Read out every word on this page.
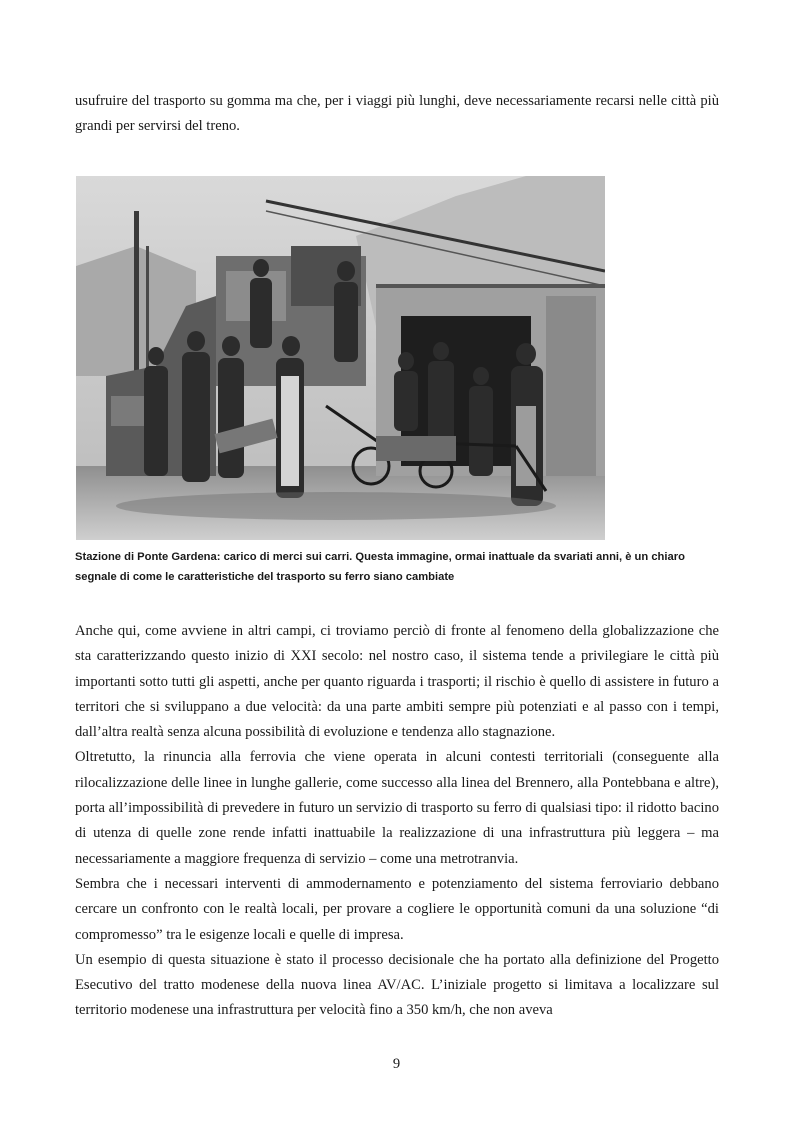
usufruire del trasporto su gomma ma che, per i viaggi più lunghi, deve necessariamente recarsi nelle città più grandi per servirsi del treno.

Stazione di Ponte Gardena: carico di merci sui carri. Questa immagine, ormai inattuale da svariati anni, è un chiaro segnale di come le caratteristiche del trasporto su ferro siano cambiate

Anche qui, come avviene in altri campi, ci troviamo perciò di fronte al fenomeno della globalizzazione che sta caratterizzando questo inizio di XXI secolo: nel nostro caso, il sistema tende a privilegiare le città più importanti sotto tutti gli aspetti, anche per quanto riguarda i trasporti; il rischio è quello di assistere in futuro a territori che si sviluppano a due velocità: da una parte ambiti sempre più potenziati e al passo con i tempi, dall’altra realtà senza alcuna possibilità di evoluzione e tendenza allo stagnazione.
Oltretutto, la rinuncia alla ferrovia che viene operata in alcuni contesti territoriali (conseguente alla rilocalizzazione delle linee in lunghe gallerie, come successo alla linea del Brennero, alla Pontebbana e altre), porta all’impossibilità di prevedere in futuro un servizio di trasporto su ferro di qualsiasi tipo: il ridotto bacino di utenza di quelle zone rende infatti inattuabile la realizzazione di una infrastruttura più leggera – ma necessariamente a maggiore frequenza di servizio – come una metrotranvia.
Sembra che i necessari interventi di ammodernamento e potenziamento del sistema ferroviario debbano cercare un confronto con le realtà locali, per provare a cogliere le opportunità comuni da una soluzione “di compromesso” tra le esigenze locali e quelle di impresa.
Un esempio di questa situazione è stato il processo decisionale che ha portato alla definizione del Progetto Esecutivo del tratto modenese della nuova linea AV/AC. L’iniziale progetto si limitava a localizzare sul territorio modenese una infrastruttura per velocità fino a 350 km/h, che non aveva
9
